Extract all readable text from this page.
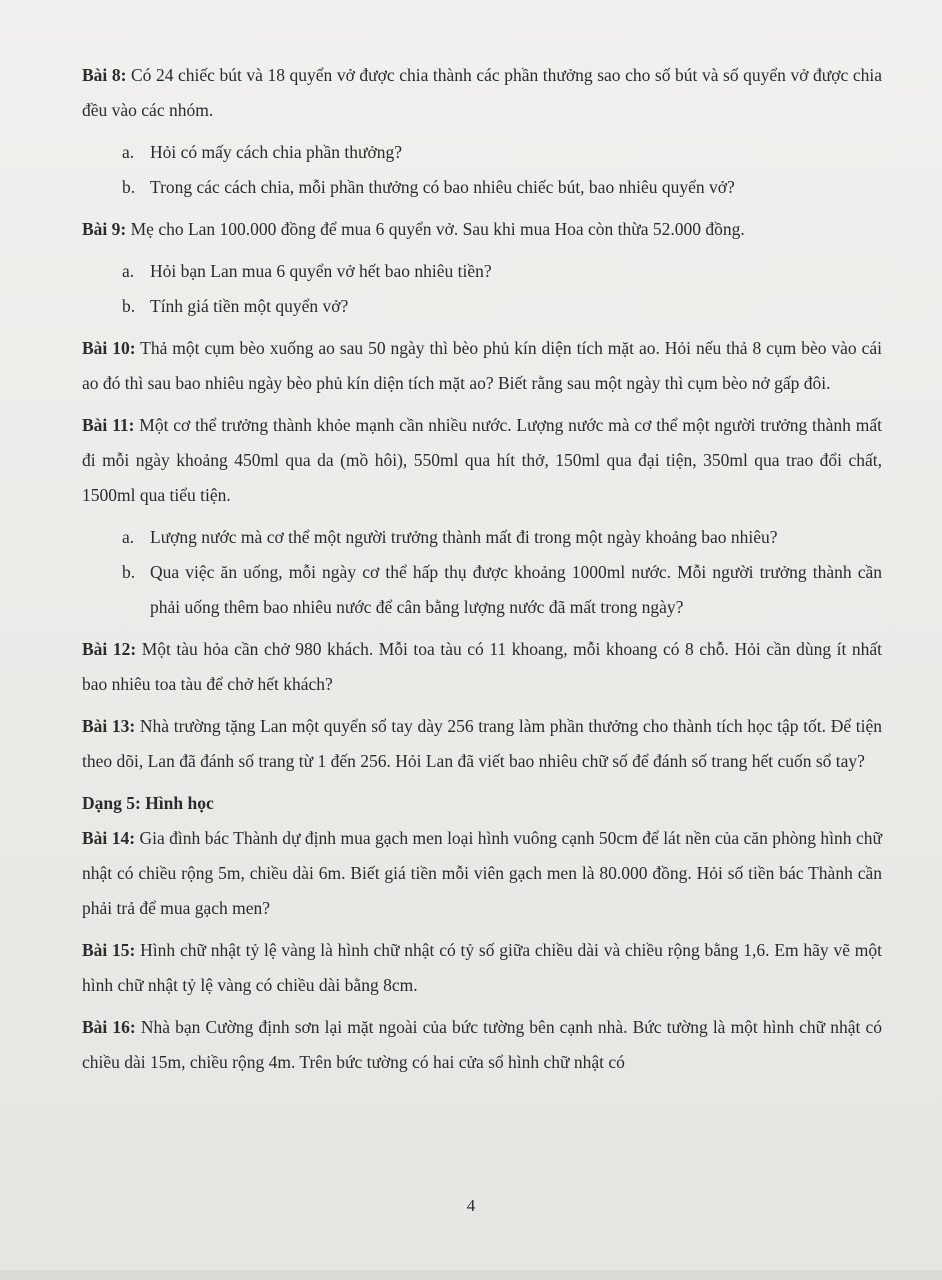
Bài 8: Có 24 chiếc bút và 18 quyển vở được chia thành các phần thưởng sao cho số bút và số quyển vở được chia đều vào các nhóm.

a. Hỏi có mấy cách chia phần thưởng?
b. Trong các cách chia, mỗi phần thưởng có bao nhiêu chiếc bút, bao nhiêu quyển vở?

Bài 9: Mẹ cho Lan 100.000 đồng để mua 6 quyển vở. Sau khi mua Hoa còn thừa 52.000 đồng.

a. Hỏi bạn Lan mua 6 quyển vở hết bao nhiêu tiền?
b. Tính giá tiền một quyển vở?

Bài 10: Thả một cụm bèo xuống ao sau 50 ngày thì bèo phủ kín diện tích mặt ao. Hỏi nếu thả 8 cụm bèo vào cái ao đó thì sau bao nhiêu ngày bèo phủ kín diện tích mặt ao? Biết rằng sau một ngày thì cụm bèo nở gấp đôi.

Bài 11: Một cơ thể trưởng thành khỏe mạnh cần nhiều nước. Lượng nước mà cơ thể một người trưởng thành mất đi mỗi ngày khoảng 450ml qua da (mồ hôi), 550ml qua hít thở, 150ml qua đại tiện, 350ml qua trao đổi chất, 1500ml qua tiểu tiện.

a. Lượng nước mà cơ thể một người trưởng thành mất đi trong một ngày khoảng bao nhiêu?
b. Qua việc ăn uống, mỗi ngày cơ thể hấp thụ được khoảng 1000ml nước. Mỗi người trưởng thành cần phải uống thêm bao nhiêu nước để cân bằng lượng nước đã mất trong ngày?

Bài 12: Một tàu hỏa cần chở 980 khách. Mỗi toa tàu có 11 khoang, mỗi khoang có 8 chỗ. Hỏi cần dùng ít nhất bao nhiêu toa tàu để chở hết khách?

Bài 13: Nhà trường tặng Lan một quyển sổ tay dày 256 trang làm phần thưởng cho thành tích học tập tốt. Để tiện theo dõi, Lan đã đánh số trang từ 1 đến 256. Hỏi Lan đã viết bao nhiêu chữ số để đánh số trang hết cuốn sổ tay?

Dạng 5: Hình học

Bài 14: Gia đình bác Thành dự định mua gạch men loại hình vuông cạnh 50cm để lát nền của căn phòng hình chữ nhật có chiều rộng 5m, chiều dài 6m. Biết giá tiền mỗi viên gạch men là 80.000 đồng. Hỏi số tiền bác Thành cần phải trả để mua gạch men?

Bài 15: Hình chữ nhật tỷ lệ vàng là hình chữ nhật có tỷ số giữa chiều dài và chiều rộng bằng 1,6. Em hãy vẽ một hình chữ nhật tỷ lệ vàng có chiều dài bằng 8cm.

Bài 16: Nhà bạn Cường định sơn lại mặt ngoài của bức tường bên cạnh nhà. Bức tường là một hình chữ nhật có chiều dài 15m, chiều rộng 4m. Trên bức tường có hai cửa sổ hình chữ nhật có

4
